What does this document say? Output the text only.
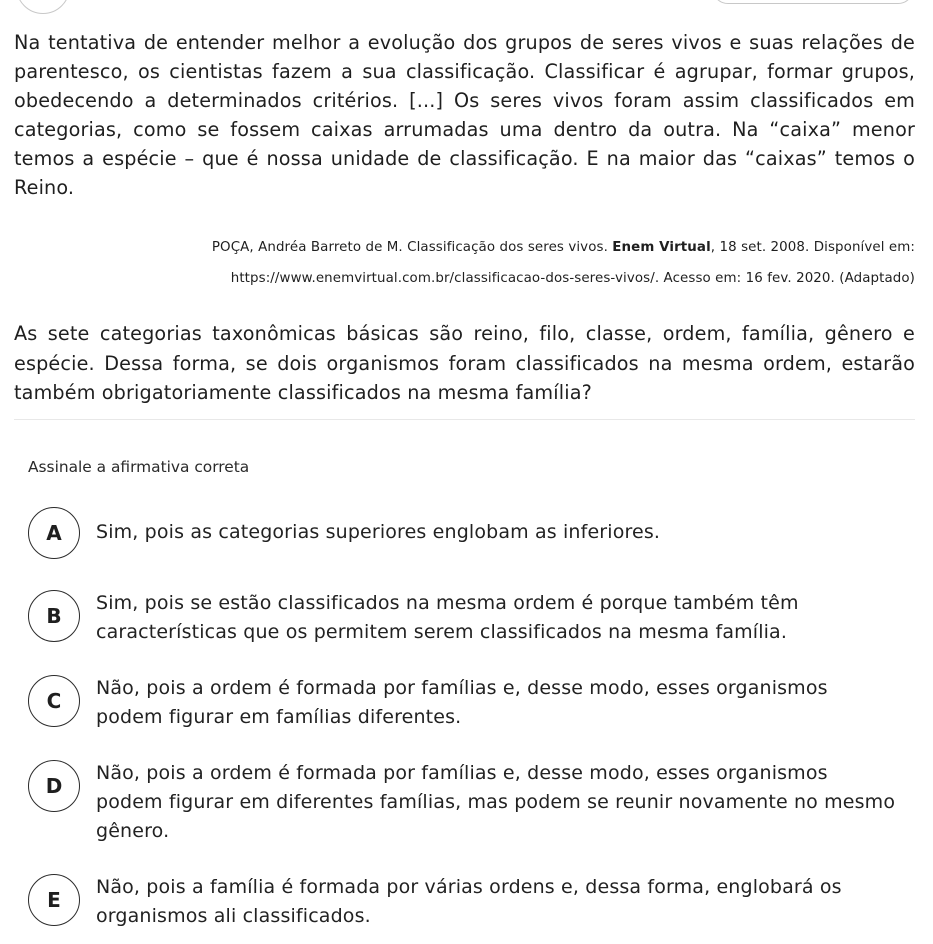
Na tentativa de entender melhor a evolução dos grupos de seres vivos e suas relações de parentesco, os cientistas fazem a sua classificação. Classificar é agrupar, formar grupos, obedecendo a determinados critérios. [...] Os seres vivos foram assim classificados em categorias, como se fossem caixas arrumadas uma dentro da outra. Na “caixa” menor temos a espécie – que é nossa unidade de classificação. E na maior das “caixas” temos o Reino.

POÇA, Andréa Barreto de M. Classificação dos seres vivos. Enem Virtual, 18 set. 2008. Disponível em:
https://www.enemvirtual.com.br/classificacao-dos-seres-vivos/. Acesso em: 16 fev. 2020. (Adaptado)

As sete categorias taxonômicas básicas são reino, filo, classe, ordem, família, gênero e espécie. Dessa forma, se dois organismos foram classificados na mesma ordem, estarão também obrigatoriamente classificados na mesma família?

Assinale a afirmativa correta

A	Sim, pois as categorias superiores englobam as inferiores.
B
Sim, pois se estão classificados na mesma ordem é porque também têm características que os permitem serem classificados na mesma família.
C
Não, pois a ordem é formada por famílias e, desse modo, esses organismos podem figurar em famílias diferentes.
D
Não, pois a ordem é formada por famílias e, desse modo, esses organismos podem figurar em diferentes famílias, mas podem se reunir novamente no mesmo gênero.
E
Não, pois a família é formada por várias ordens e, dessa forma, englobará os organismos ali classificados.
